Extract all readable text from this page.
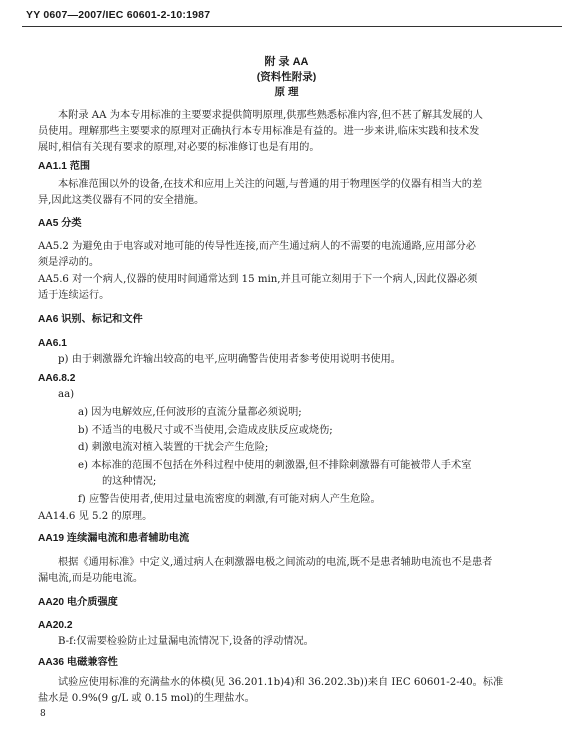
YY 0607—2007/IEC 60601-2-10:1987
附 录 AA
(资料性附录)
原 理
本附录 AA 为本专用标准的主要要求提供简明原理,供那些熟悉标准内容,但不甚了解其发展的人
员使用。理解那些主要要求的原理对正确执行本专用标准是有益的。进一步来讲,临床实践和技术发
展时,相信有关现有要求的原理,对必要的标准修订也是有用的。
AA1.1 范围
本标准范围以外的设备,在技术和应用上关注的问题,与普通的用于物理医学的仪器有相当大的差
异,因此这类仪器有不同的安全措施。
AA5 分类
AA5.2 为避免由于电容或对地可能的传导性连接,而产生通过病人的不需要的电流通路,应用部分必
须是浮动的。
AA5.6 对一个病人,仪器的使用时间通常达到 15 min,并且可能立刻用于下一个病人,因此仪器必须
适于连续运行。
AA6 识别、标记和文件
AA6.1
p) 由于刺激器允许输出较高的电平,应明确警告使用者参考使用说明书使用。
AA6.8.2
aa)
a) 因为电解效应,任何波形的直流分量都必须说明;
b) 不适当的电极尺寸或不当使用,会造成皮肤反应或烧伤;
d) 刺激电流对植入装置的干扰会产生危险;
e) 本标准的范围不包括在外科过程中使用的刺激器,但不排除刺激器有可能被带人手术室
的这种情况;
f) 应警告使用者,使用过量电流密度的刺激,有可能对病人产生危险。
AA14.6 见 5.2 的原理。
AA19 连续漏电流和患者辅助电流
根据《通用标准》中定义,通过病人在刺激器电极之间流动的电流,既不是患者辅助电流也不是患者
漏电流,而是功能电流。
AA20 电介质强度
AA20.2
B-f:仅需要检验防止过量漏电流情况下,设备的浮动情况。
AA36 电磁兼容性
试验应使用标准的充满盐水的体模(见 36.201.1b)4)和 36.202.3b))来自 IEC 60601-2-40。标准
盐水是 0.9%(9 g/L 或 0.15 mol)的生理盐水。
8
